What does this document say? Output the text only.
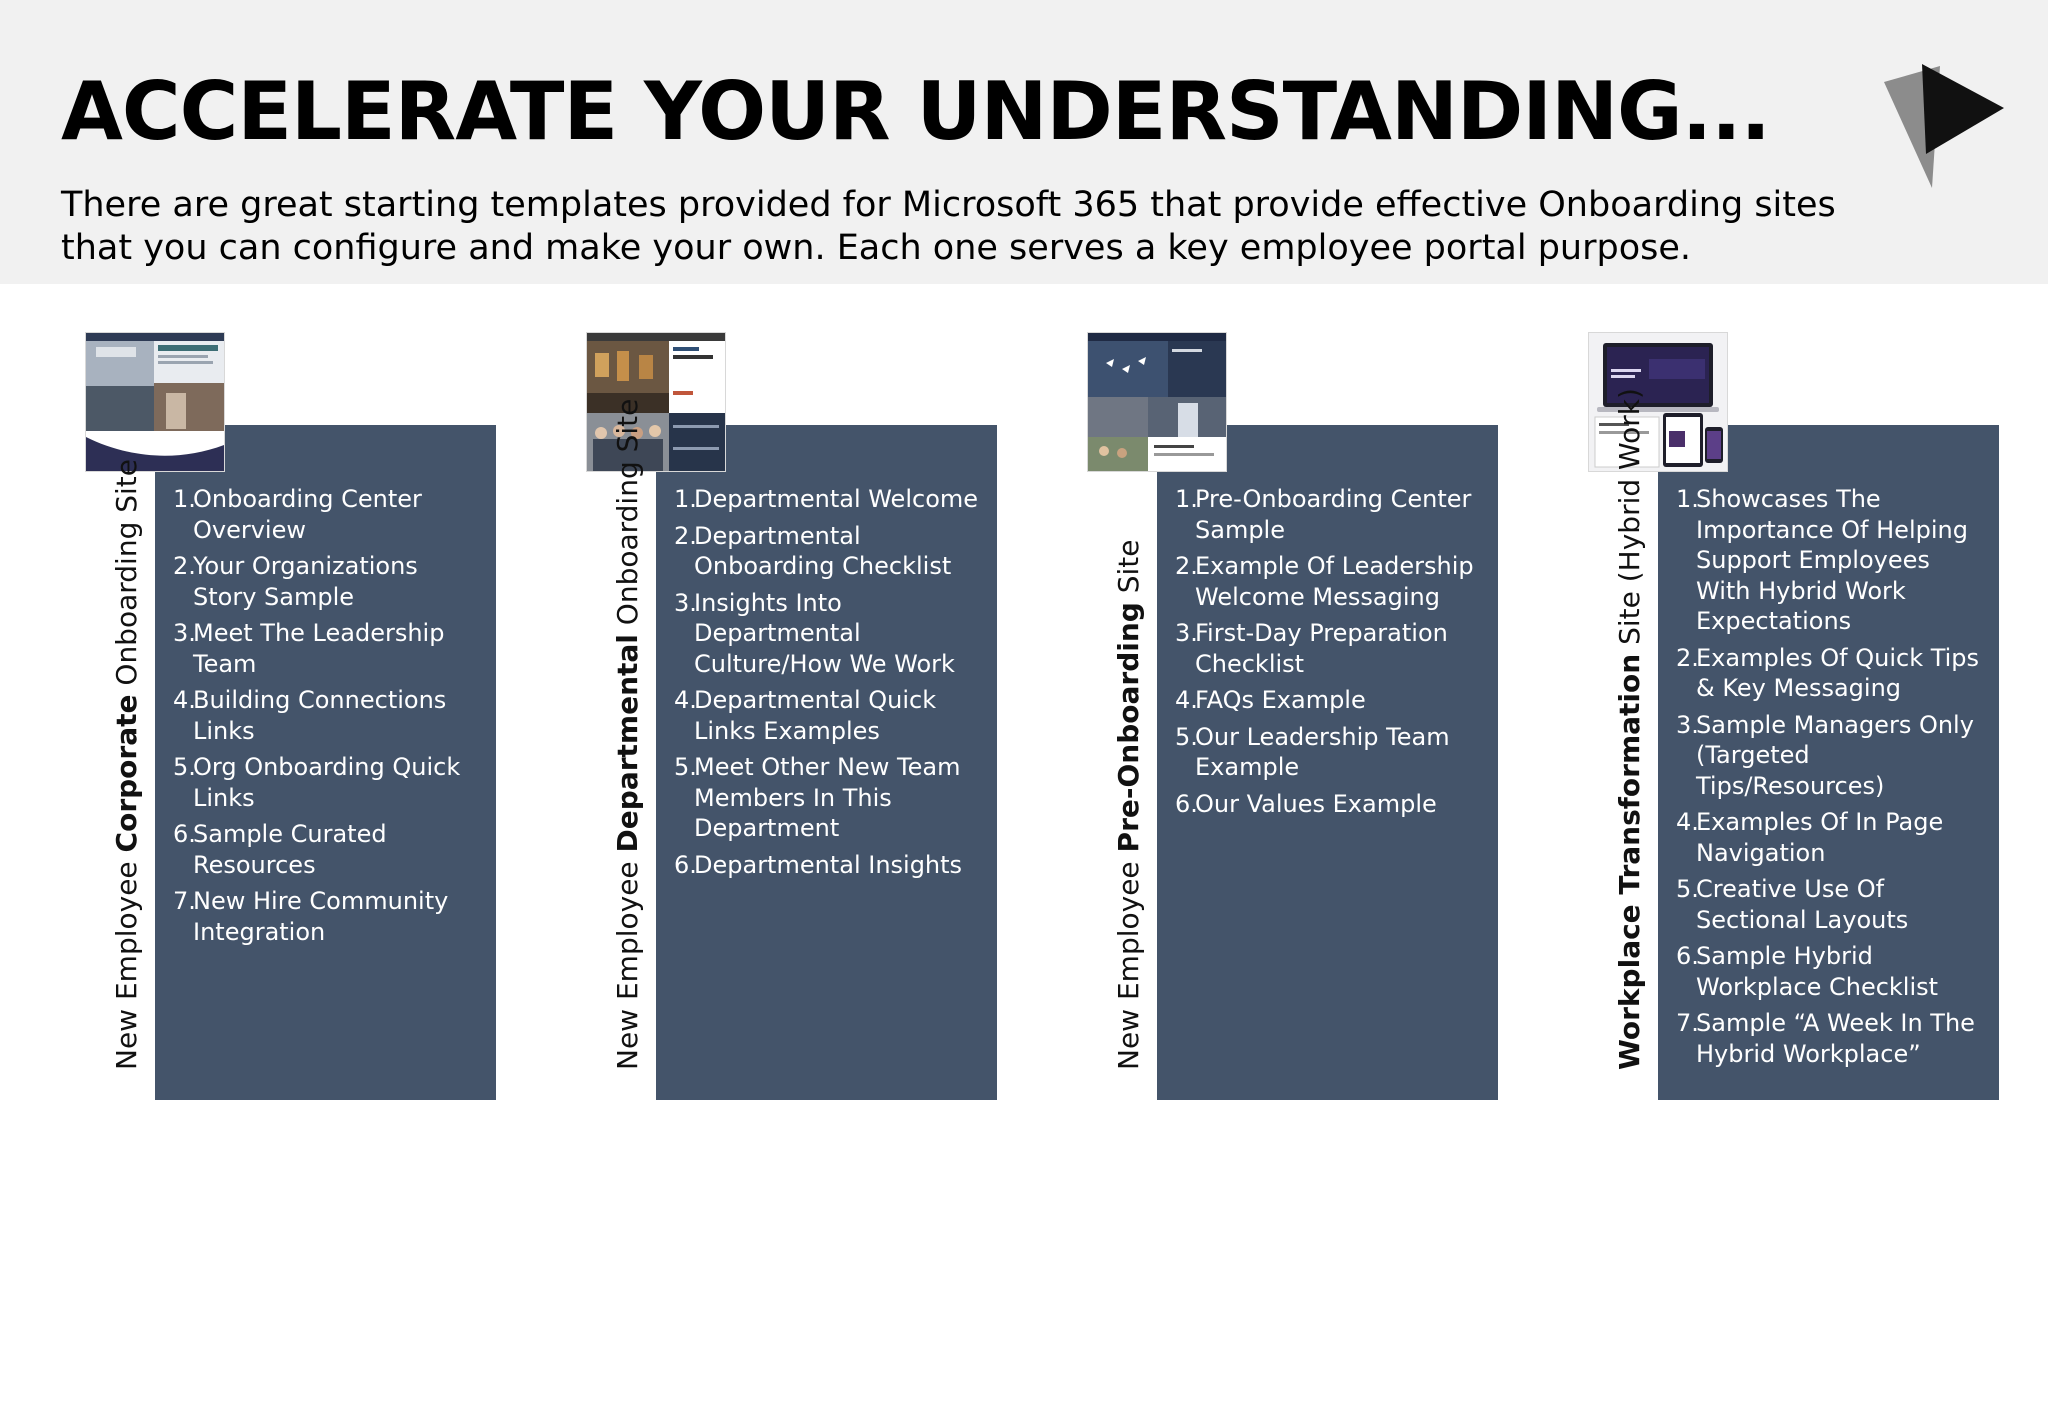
ACCELERATE YOUR UNDERSTANDING...

There are great starting templates provided for Microsoft 365 that provide effective Onboarding sites that you can configure and make your own. Each one serves a key employee portal purpose.

New Employee Corporate Onboarding Site	1.
Onboarding Center Overview
2.
Your Organizations Story Sample
3.
Meet The Leadership Team
4.
Building Connections Links
5.
Org Onboarding Quick Links
6.
Sample Curated Resources
7.
New Hire Community Integration	New Employee Departmental Onboarding Site	1.
Departmental Welcome
2.
Departmental Onboarding Checklist
3.
Insights Into Departmental Culture/How We Work
4.
Departmental Quick Links Examples
5.
Meet Other New Team Members In This Department
6.
Departmental Insights	New Employee Pre-Onboarding Site
1.
Pre-Onboarding Center Sample
2.
Example Of Leadership Welcome Messaging
3.
First-Day Preparation Checklist
4.
FAQs Example
5.
Our Leadership Team Example
6.
Our Values Example	Workplace Transformation Site (Hybrid Work)	1.
Showcases The Importance Of Helping Support Employees With Hybrid Work Expectations
2.
Examples Of Quick Tips & Key Messaging
3.
Sample Managers Only (Targeted Tips/Resources)
4.
Examples Of In Page Navigation
5.
Creative Use Of Sectional Layouts
6.
Sample Hybrid Workplace Checklist
7.
Sample “A Week In The Hybrid Workplace”
